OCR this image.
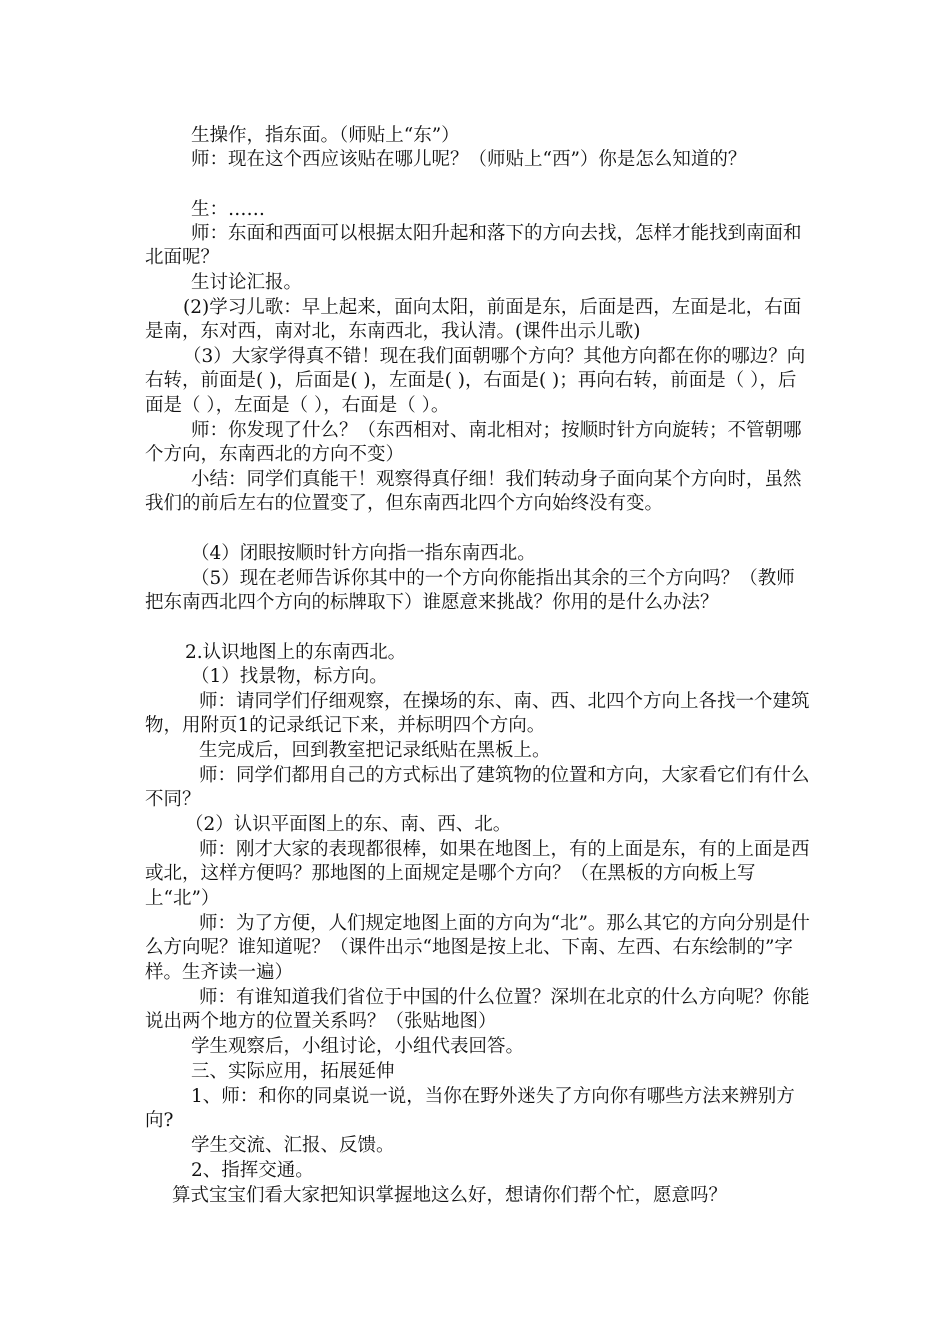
生操作，指东面。（师贴上“东”）
师：现在这个西应该贴在哪儿呢？（师贴上“西”）你是怎么知道的？
生：……
师：东面和西面可以根据太阳升起和落下的方向去找，怎样才能找到南面和北面呢？
生讨论汇报。
(2)学习儿歌：早上起来，面向太阳，前面是东，后面是西，左面是北，右面是南，东对西，南对北，东南西北，我认清。(课件出示儿歌)
（3）大家学得真不错！现在我们面朝哪个方向？其他方向都在你的哪边？向右转，前面是( )，后面是( )，左面是( )，右面是( )；再向右转，前面是（ ），后面是（ ），左面是（ ），右面是（ ）。
师：你发现了什么？（东西相对、南北相对；按顺时针方向旋转；不管朝哪个方向，东南西北的方向不变）
小结：同学们真能干！观察得真仔细！我们转动身子面向某个方向时，虽然我们的前后左右的位置变了，但东南西北四个方向始终没有变。
（4）闭眼按顺时针方向指一指东南西北。
（5）现在老师告诉你其中的一个方向你能指出其余的三个方向吗？（教师把东南西北四个方向的标牌取下）谁愿意来挑战？你用的是什么办法？
2.认识地图上的东南西北。
（1）找景物，标方向。
师：请同学们仔细观察，在操场的东、南、西、北四个方向上各找一个建筑物，用附页1的记录纸记下来，并标明四个方向。
生完成后，回到教室把记录纸贴在黑板上。
师：同学们都用自己的方式标出了建筑物的位置和方向，大家看它们有什么不同？
（2）认识平面图上的东、南、西、北。
师：刚才大家的表现都很棒，如果在地图上，有的上面是东，有的上面是西或北，这样方便吗？那地图的上面规定是哪个方向？（在黑板的方向板上写上“北”）
师：为了方便，人们规定地图上面的方向为“北”。那么其它的方向分别是什么方向呢？谁知道呢？（课件出示“地图是按上北、下南、左西、右东绘制的”字样。生齐读一遍）
师：有谁知道我们省位于中国的什么位置？深圳在北京的什么方向呢？你能说出两个地方的位置关系吗？（张贴地图）
学生观察后，小组讨论，小组代表回答。
三、实际应用，拓展延伸
1、师：和你的同桌说一说，当你在野外迷失了方向你有哪些方法来辨别方向?
学生交流、汇报、反馈。
2、指挥交通。
算式宝宝们看大家把知识掌握地这么好，想请你们帮个忙，愿意吗？
